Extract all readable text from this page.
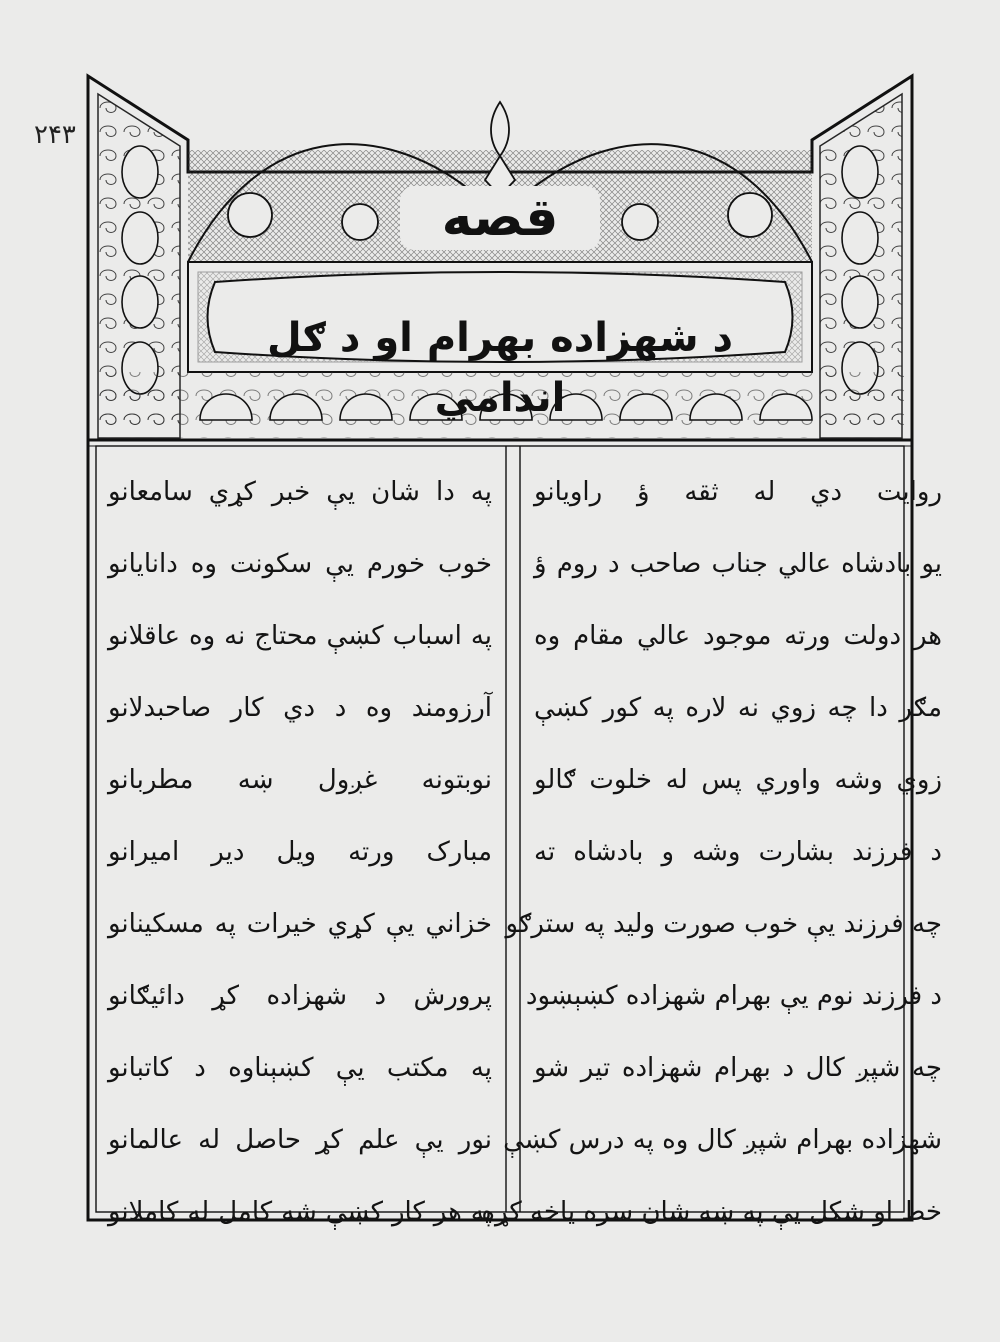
۲۴۳
قصه
د شهزاده بهرام او د ګل اندامي
روایت دي له ثقه ؤ راویانو
یو بادشاه عالي جناب صاحب د روم ؤ
هر دولت ورته موجود عالي مقام وه
مګر دا چه زوي نه لاره په کور کښې
زوي وشه واوري پس له خلوت ګالو
د فرزند بشارت وشه و بادشاه ته
چه فرزند يې خوب صورت وليد په سترګو
د فرزند نوم يې بهرام شهزاده کښېښود
چه شپږ کال د بهرام شهزاده تير شو
شهزاده بهرام شپږ کال وه په درس کښې
خط او شکل يې په ښه شان سره ياخه کړه
په دا شان يې خبر کړي سامعانو
خوب خورم يې سکونت وه دانايانو
په اسباب کښې محتاج نه وه عاقلانو
آرزومند وه د دي کار صاحبدلانو
نوبتونه غږول ښه مطربانو
مبارک ورته ويل دير اميرانو
خزاني يې کړي خيرات په مسکينانو
پرورش د شهزاده کړ دائيګانو
په مکتب يې کښېناوه د کاتبانو
نور يې علم کړ حاصل له عالمانو
په هر کار کښې شه کامل له کاملانو
